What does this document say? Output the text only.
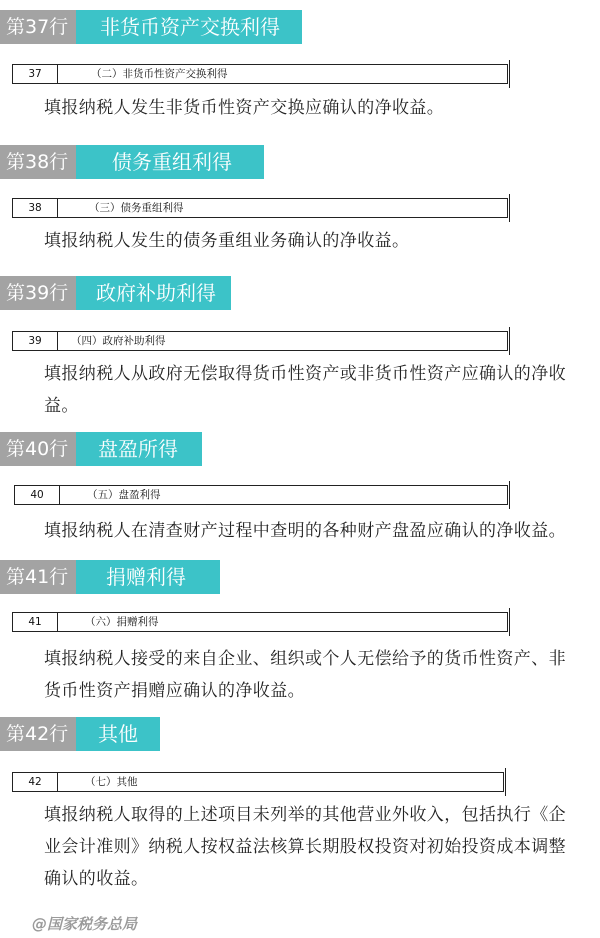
第37行	非货币资产交换利得
37	（二）非货币性资产交换利得
填报纳税人发生非货币性资产交换应确认的净收益。
第38行	债务重组利得
38	（三）债务重组利得
填报纳税人发生的债务重组业务确认的净收益。
第39行	政府补助利得
39	（四）政府补助利得
填报纳税人从政府无偿取得货币性资产或非货币性资产应确认的净收益。
第40行	盘盈所得
40	（五）盘盈利得
填报纳税人在清查财产过程中查明的各种财产盘盈应确认的净收益。
第41行	捐赠利得
41	（六）捐赠利得
填报纳税人接受的来自企业、组织或个人无偿给予的货币性资产、非货币性资产捐赠应确认的净收益。
第42行	其他
42	（七）其他
填报纳税人取得的上述项目未列举的其他营业外收入，包括执行《企业会计准则》纳税人按权益法核算长期股权投资对初始投资成本调整确认的收益。
@国家税务总局
